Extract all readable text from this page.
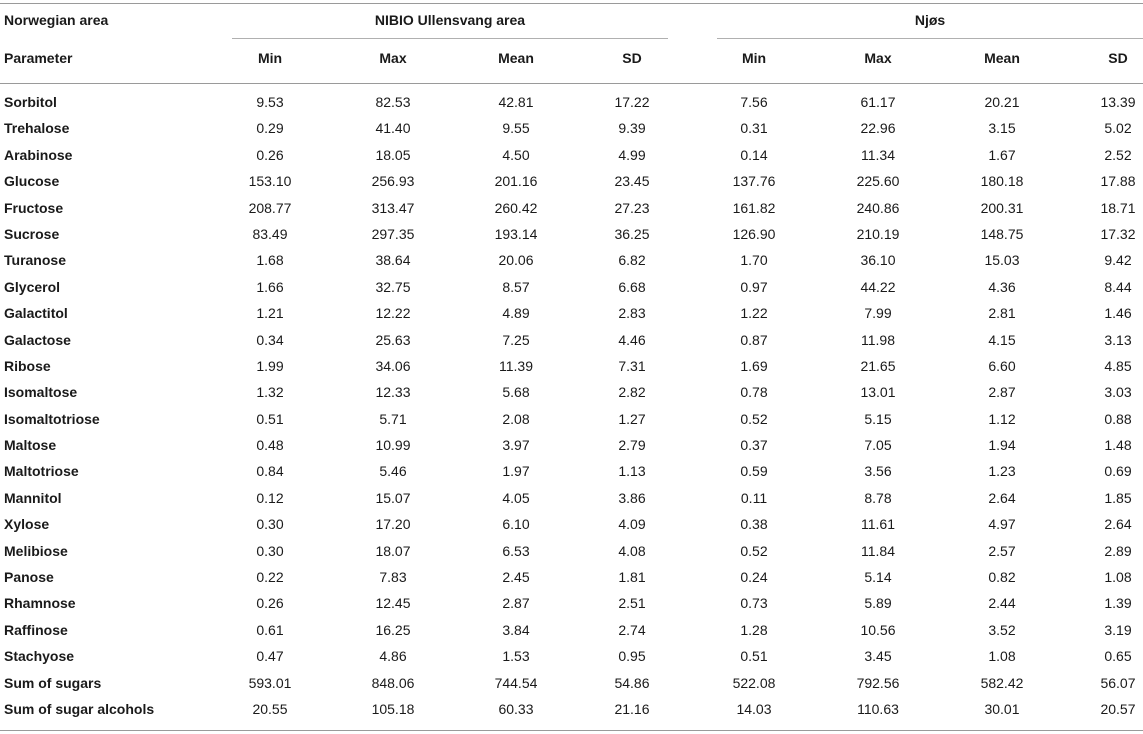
Norwegian area	NIBIO Ullensvang area	Njøs
Parameter	Min	Max	Mean	SD	Min	Max	Mean	SD
Sorbitol	9.53	82.53	42.81	17.22	7.56	61.17	20.21	13.39
Trehalose	0.29	41.40	9.55	9.39	0.31	22.96	3.15	5.02
Arabinose	0.26	18.05	4.50	4.99	0.14	11.34	1.67	2.52
Glucose	153.10	256.93	201.16	23.45	137.76	225.60	180.18	17.88
Fructose	208.77	313.47	260.42	27.23	161.82	240.86	200.31	18.71
Sucrose	83.49	297.35	193.14	36.25	126.90	210.19	148.75	17.32
Turanose	1.68	38.64	20.06	6.82	1.70	36.10	15.03	9.42
Glycerol	1.66	32.75	8.57	6.68	0.97	44.22	4.36	8.44
Galactitol	1.21	12.22	4.89	2.83	1.22	7.99	2.81	1.46
Galactose	0.34	25.63	7.25	4.46	0.87	11.98	4.15	3.13
Ribose	1.99	34.06	11.39	7.31	1.69	21.65	6.60	4.85
Isomaltose	1.32	12.33	5.68	2.82	0.78	13.01	2.87	3.03
Isomaltotriose	0.51	5.71	2.08	1.27	0.52	5.15	1.12	0.88
Maltose	0.48	10.99	3.97	2.79	0.37	7.05	1.94	1.48
Maltotriose	0.84	5.46	1.97	1.13	0.59	3.56	1.23	0.69
Mannitol	0.12	15.07	4.05	3.86	0.11	8.78	2.64	1.85
Xylose	0.30	17.20	6.10	4.09	0.38	11.61	4.97	2.64
Melibiose	0.30	18.07	6.53	4.08	0.52	11.84	2.57	2.89
Panose	0.22	7.83	2.45	1.81	0.24	5.14	0.82	1.08
Rhamnose	0.26	12.45	2.87	2.51	0.73	5.89	2.44	1.39
Raffinose	0.61	16.25	3.84	2.74	1.28	10.56	3.52	3.19
Stachyose	0.47	4.86	1.53	0.95	0.51	3.45	1.08	0.65
Sum of sugars	593.01	848.06	744.54	54.86	522.08	792.56	582.42	56.07
Sum of sugar alcohols	20.55	105.18	60.33	21.16	14.03	110.63	30.01	20.57
